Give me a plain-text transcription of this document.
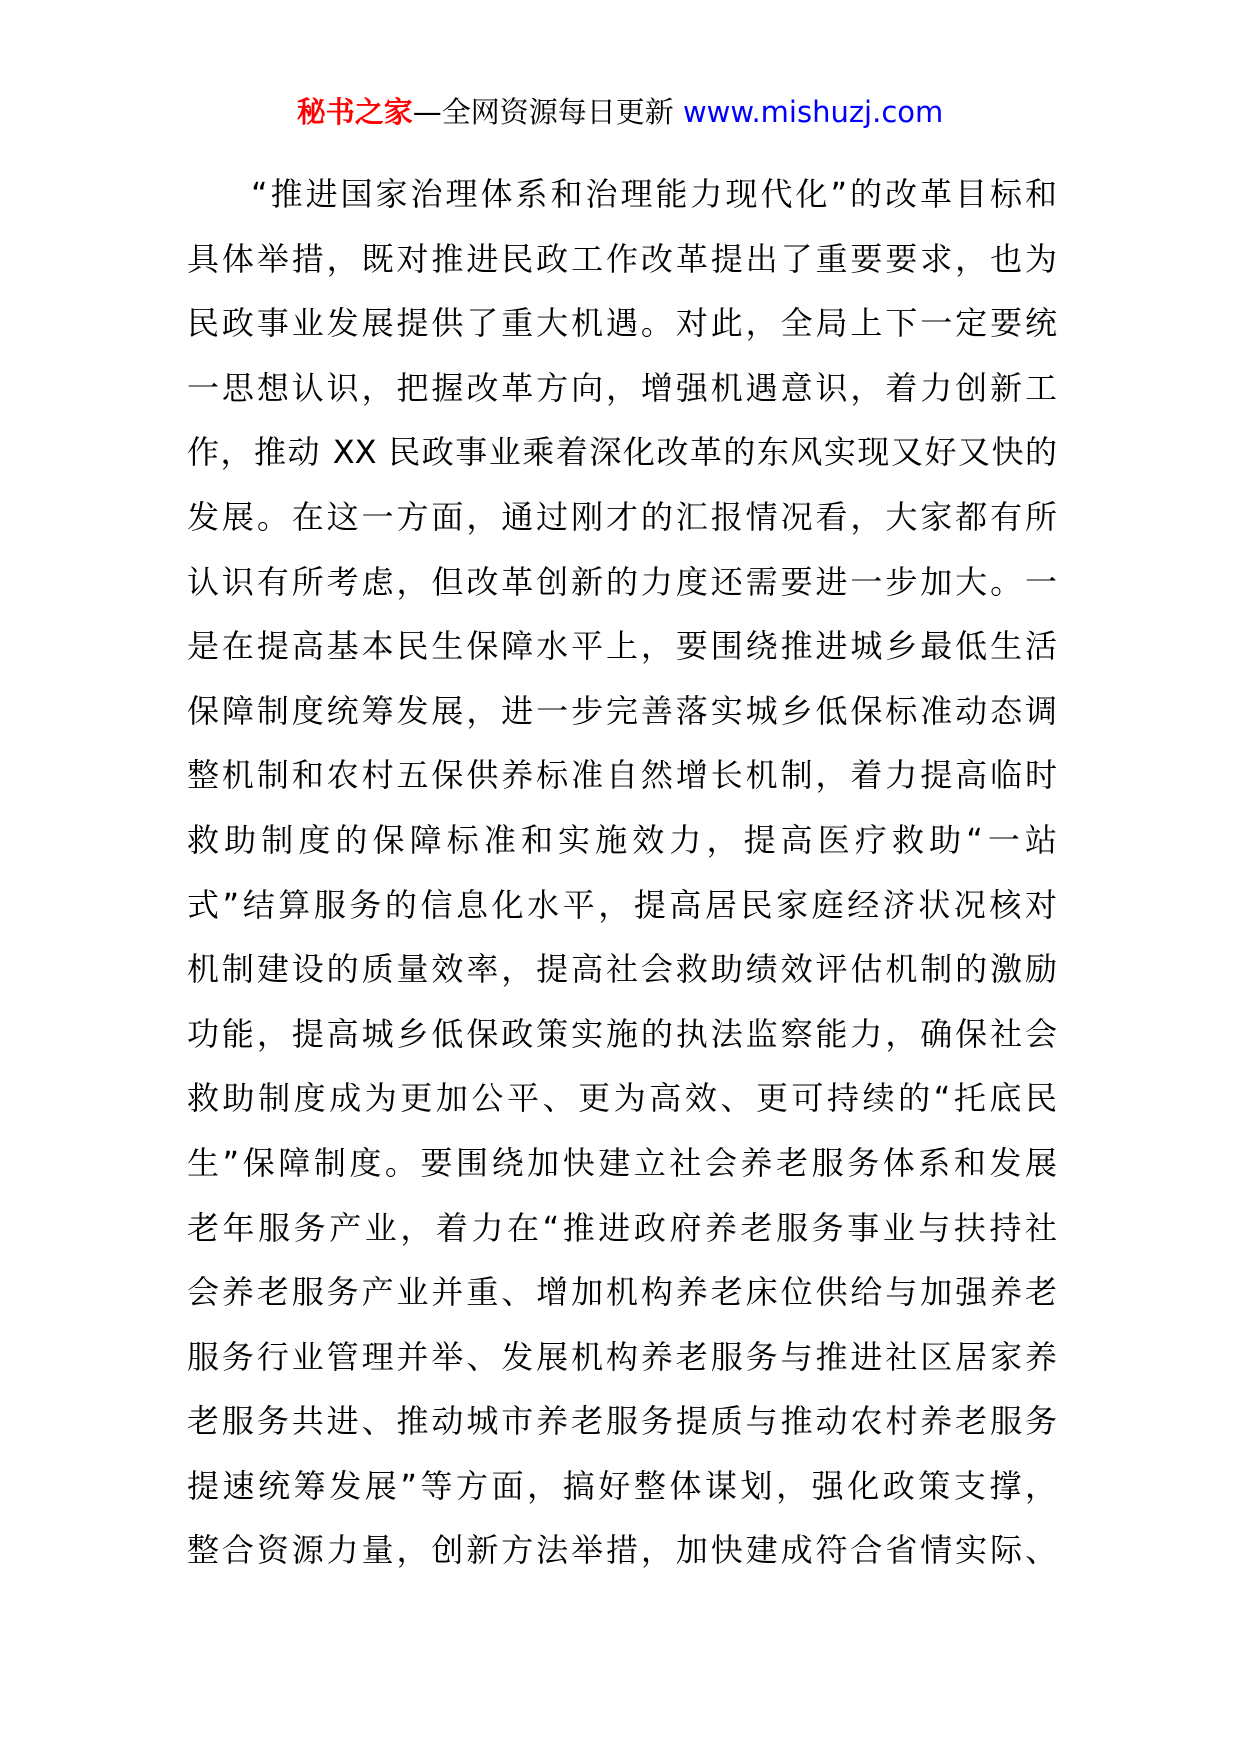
秘书之家—全网资源每日更新 www.mishuzj.com
“推进国家治理体系和治理能力现代化”的改革目标和
具体举措，既对推进民政工作改革提出了重要要求，也为
民政事业发展提供了重大机遇。对此，全局上下一定要统
一思想认识，把握改革方向，增强机遇意识，着力创新工
作，推动 XX 民政事业乘着深化改革的东风实现又好又快的
发展。在这一方面，通过刚才的汇报情况看，大家都有所
认识有所考虑，但改革创新的力度还需要进一步加大。一
是在提高基本民生保障水平上，要围绕推进城乡最低生活
保障制度统筹发展，进一步完善落实城乡低保标准动态调
整机制和农村五保供养标准自然增长机制，着力提高临时
救助制度的保障标准和实施效力，提高医疗救助“一站
式”结算服务的信息化水平，提高居民家庭经济状况核对
机制建设的质量效率，提高社会救助绩效评估机制的激励
功能，提高城乡低保政策实施的执法监察能力，确保社会
救助制度成为更加公平、更为高效、更可持续的“托底民
生”保障制度。要围绕加快建立社会养老服务体系和发展
老年服务产业，着力在“推进政府养老服务事业与扶持社
会养老服务产业并重、增加机构养老床位供给与加强养老
服务行业管理并举、发展机构养老服务与推进社区居家养
老服务共进、推动城市养老服务提质与推动农村养老服务
提速统筹发展”等方面，搞好整体谋划，强化政策支撑，
整合资源力量，创新方法举措，加快建成符合省情实际、
